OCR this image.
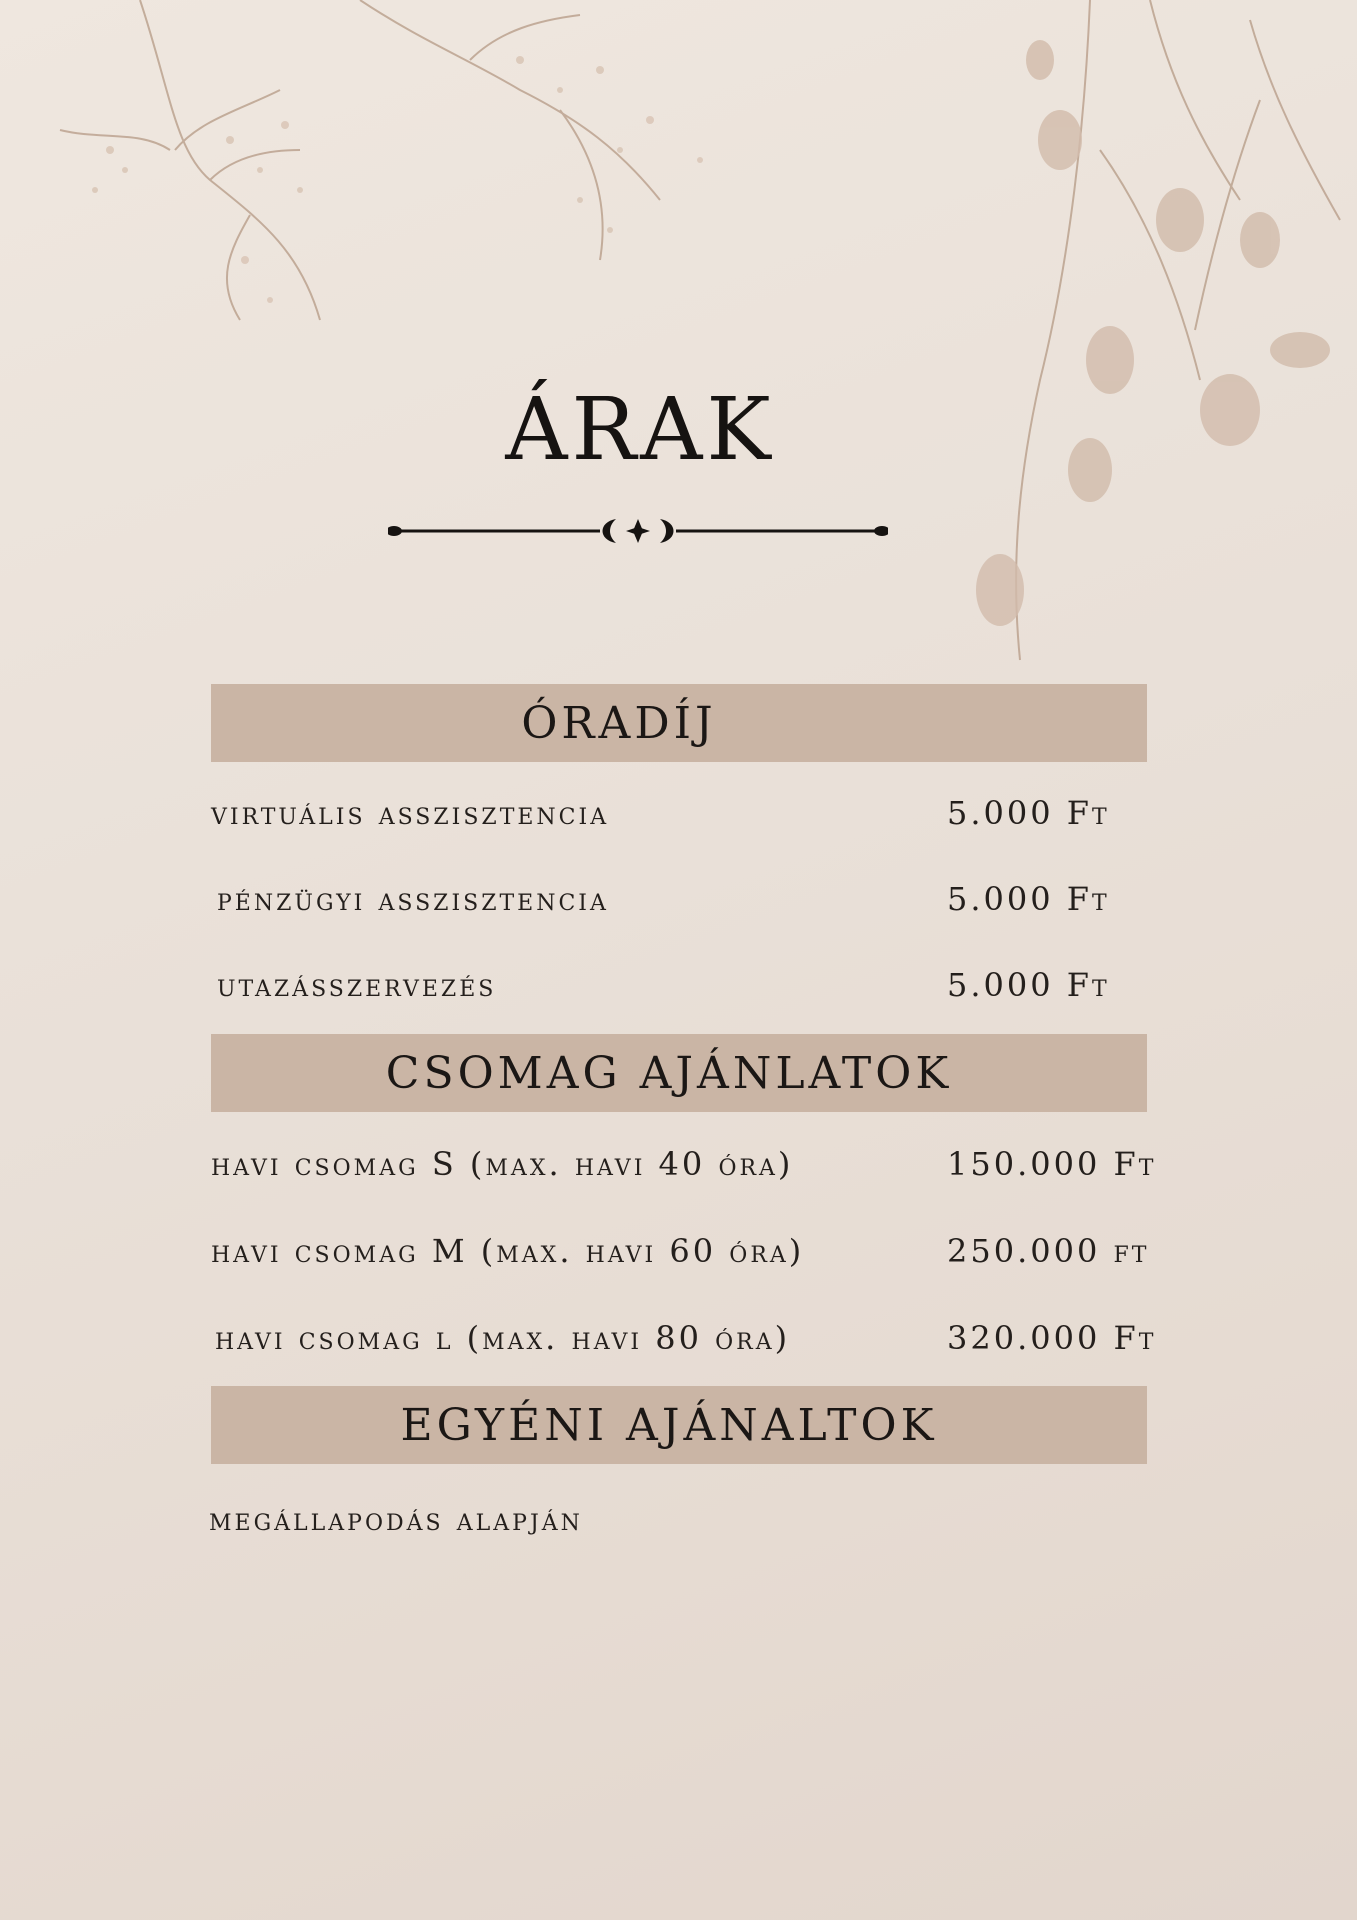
ÁRAK
ÓRADÍJ
virtuális asszisztencia	5.000 Ft
pénzügyi asszisztencia	5.000 Ft
utazásszervezés	5.000 Ft
CSOMAG AJÁNLATOK
havi csomag S (max. havi 40 óra)	150.000 Ft
havi csomag M (max. havi 60 óra)	250.000 ft
havi csomag l (max. havi 80 óra)	320.000 Ft
EGYÉNI AJÁNALTOK
megállapodás alapján
